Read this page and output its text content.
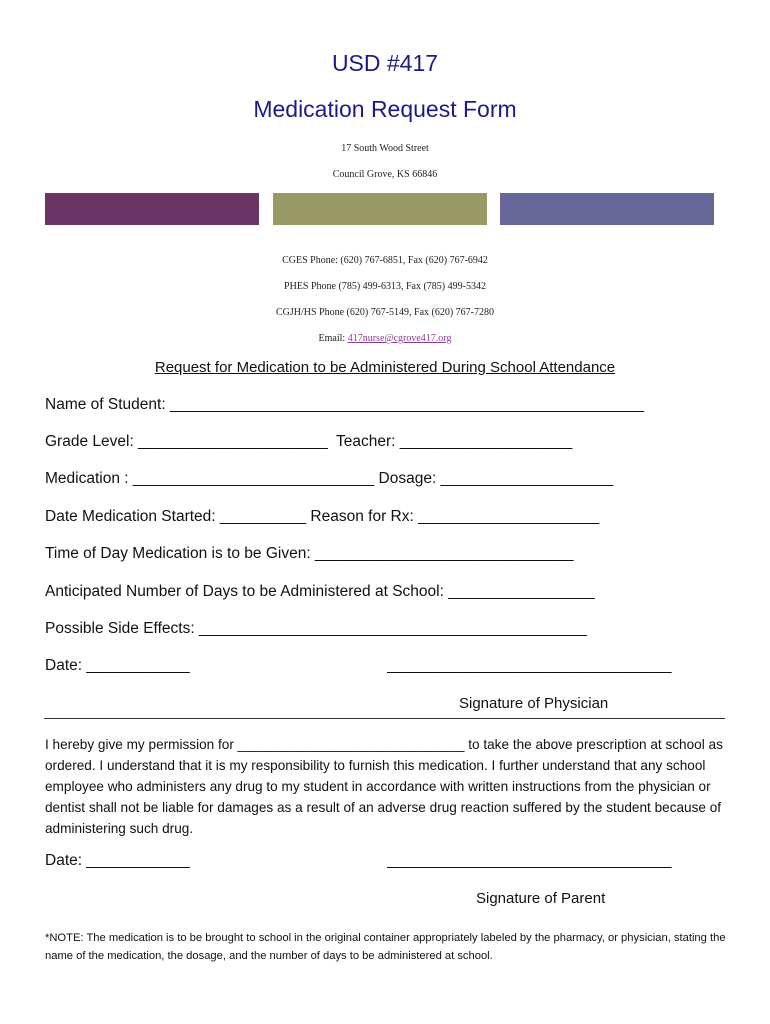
USD #417
Medication Request Form
17 South Wood Street
Council Grove, KS 66846
CGES Phone: (620) 767-6851, Fax (620) 767-6942
PHES Phone (785) 499-6313, Fax (785) 499-5342
CGJH/HS Phone (620) 767-5149, Fax (620) 767-7280
Email: 417nurse@cgrove417.org
Request for Medication to be Administered During School Attendance
Name of Student: _______________________________________________________
Grade Level: ______________________  Teacher: ____________________
Medication : ____________________________ Dosage: ____________________
Date Medication Started: __________ Reason for Rx: _____________________
Time of Day Medication is to be Given: ______________________________
Anticipated Number of Days to be Administered at School: _________________
Possible Side Effects: _____________________________________________
Date: ____________	_________________________________
Signature of Physician
I hereby give my permission for ______________________________ to take the above prescription at school as ordered. I understand that it is my responsibility to furnish this medication. I further understand that any school employee who administers any drug to my student in accordance with written instructions from the physician or dentist shall not be liable for damages as a result of an adverse drug reaction suffered by the student because of administering such drug.
Date: ____________	_________________________________
Signature of Parent
*NOTE: The medication is to be brought to school in the original container appropriately labeled by the pharmacy, or physician, stating the name of the medication, the dosage, and the number of days to be administered at school.
